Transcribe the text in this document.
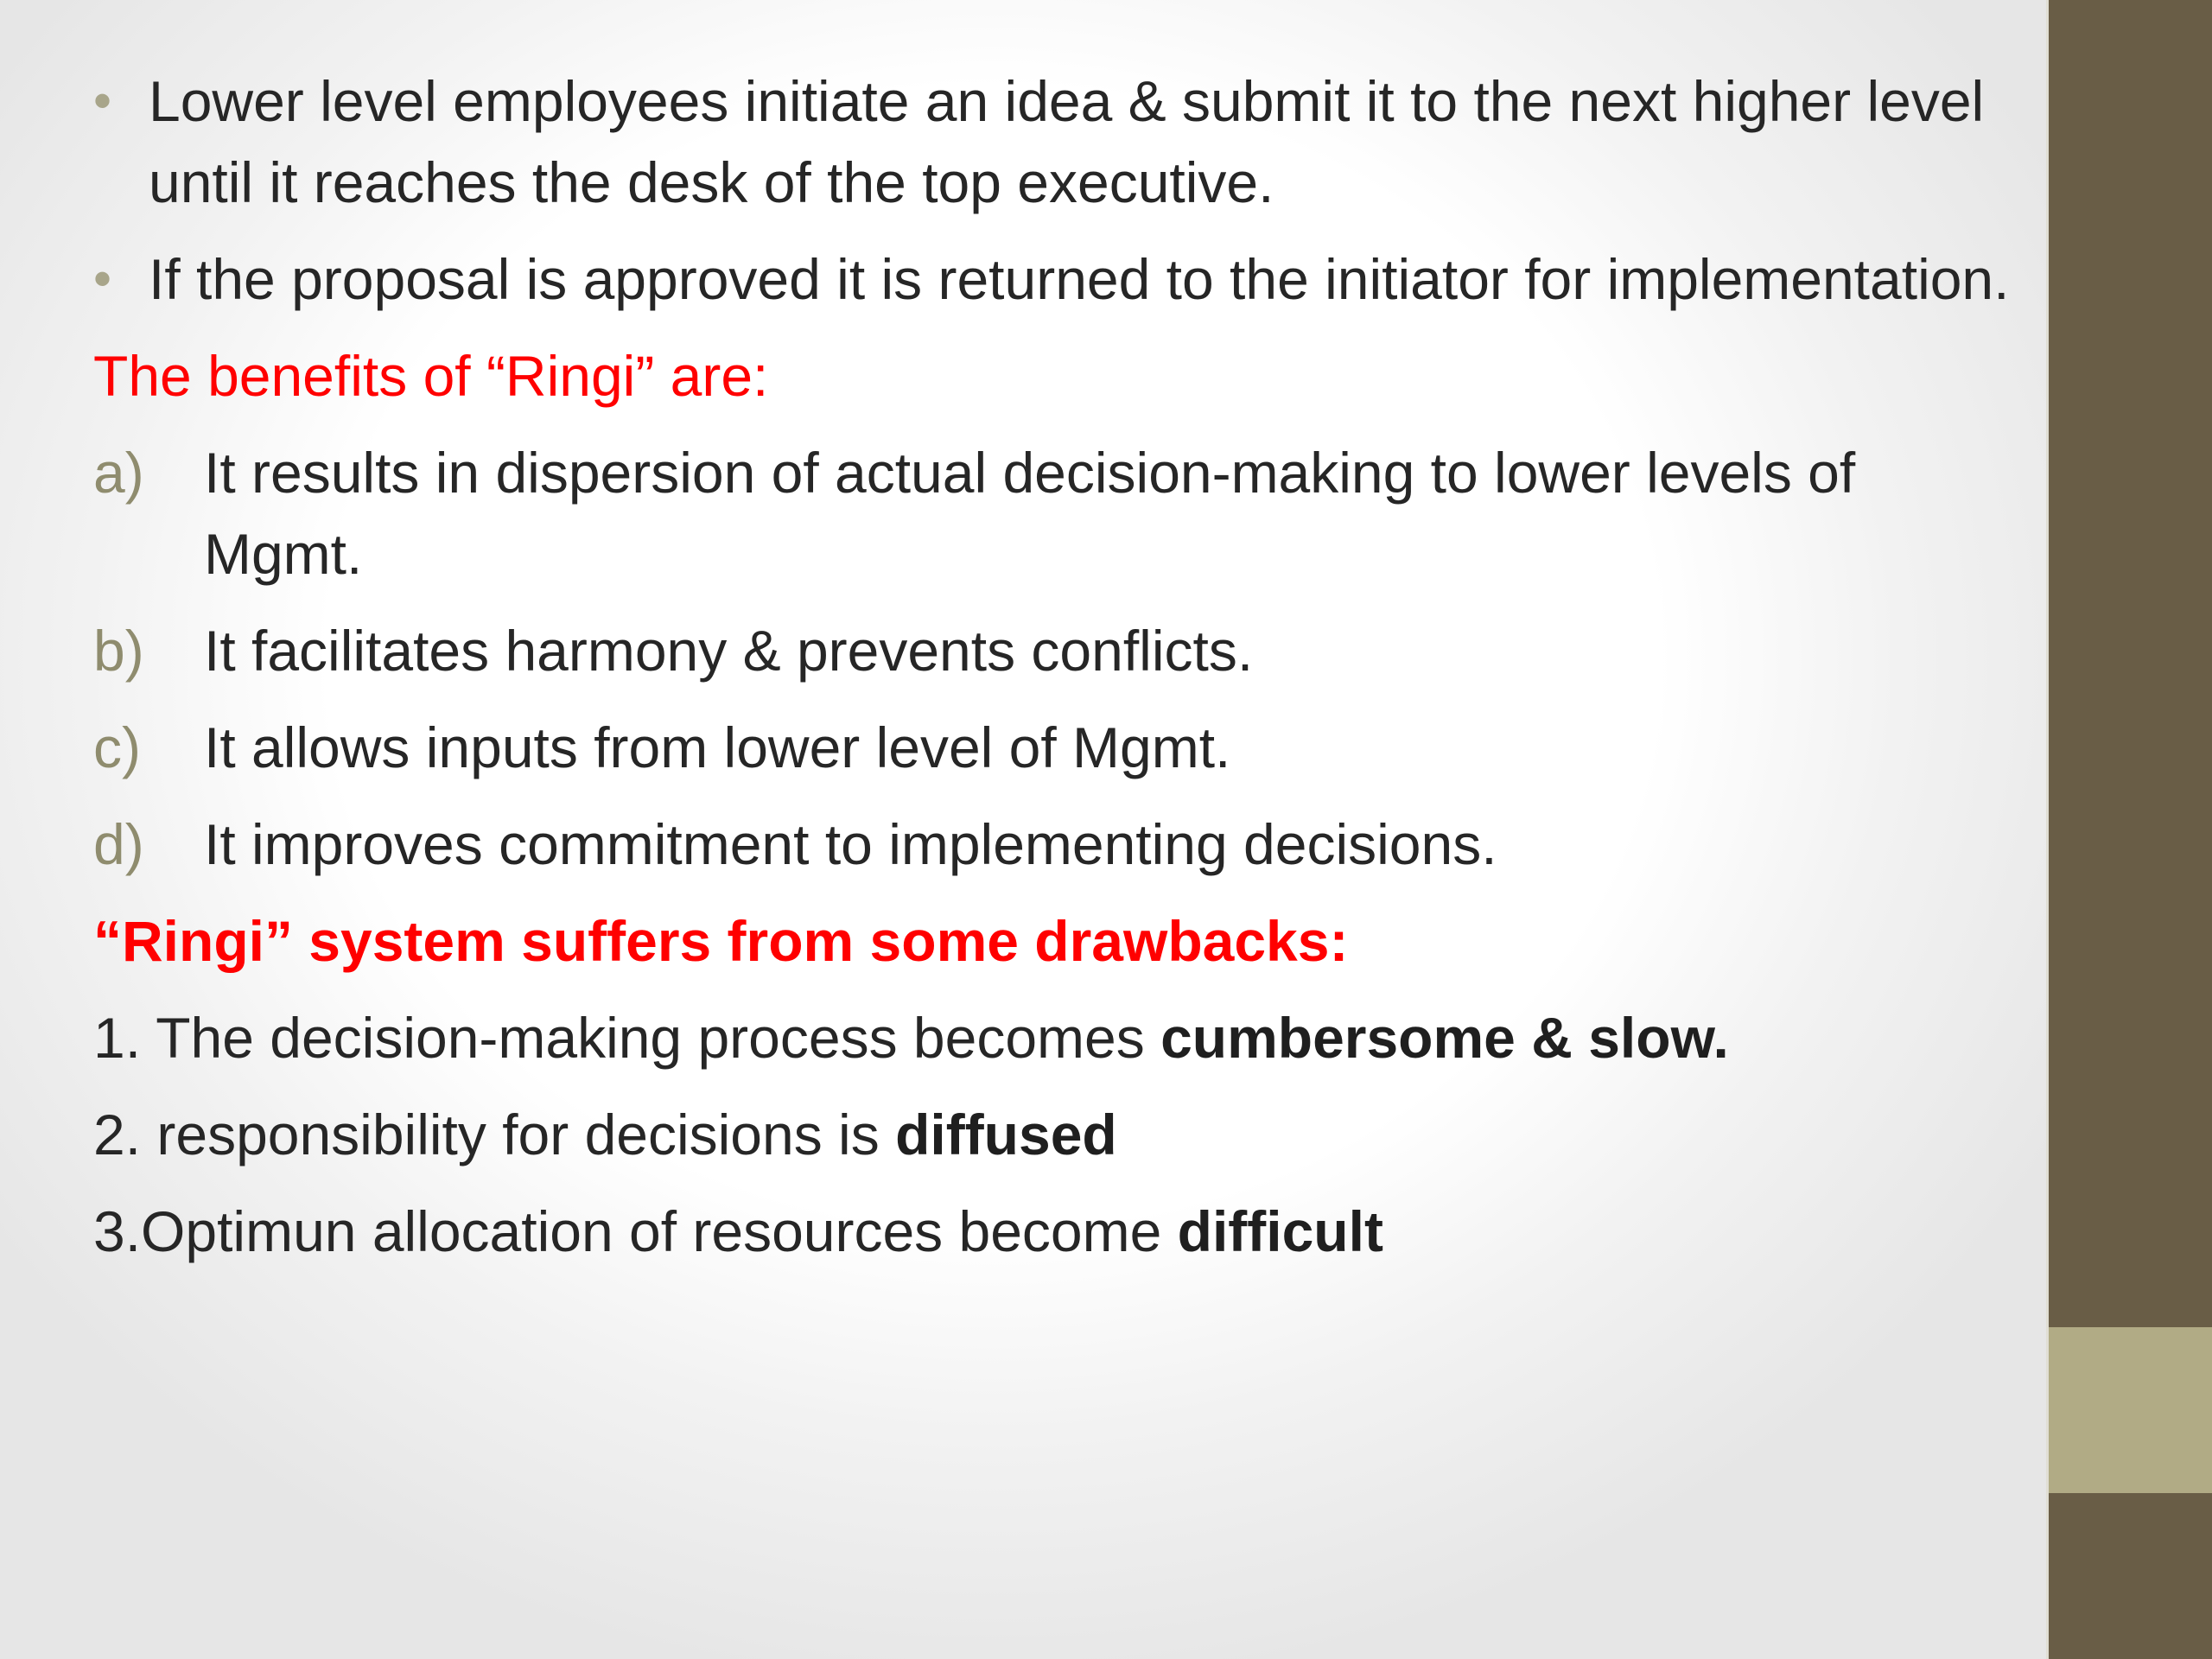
• Lower level employees initiate an idea & submit it to the next higher level until it reaches the desk of the top executive.
• If the proposal is approved it is returned to the initiator for implementation.
The benefits of “Ringi” are:
a) It results in dispersion of actual decision-making to lower levels of Mgmt.
b) It facilitates harmony & prevents conflicts.
c) It allows inputs from lower level of Mgmt.
d) It improves commitment to implementing decisions.
“Ringi” system suffers from some drawbacks:
1. The decision-making process becomes cumbersome & slow.
2. responsibility for decisions is diffused
3.Optimun allocation of resources become difficult
